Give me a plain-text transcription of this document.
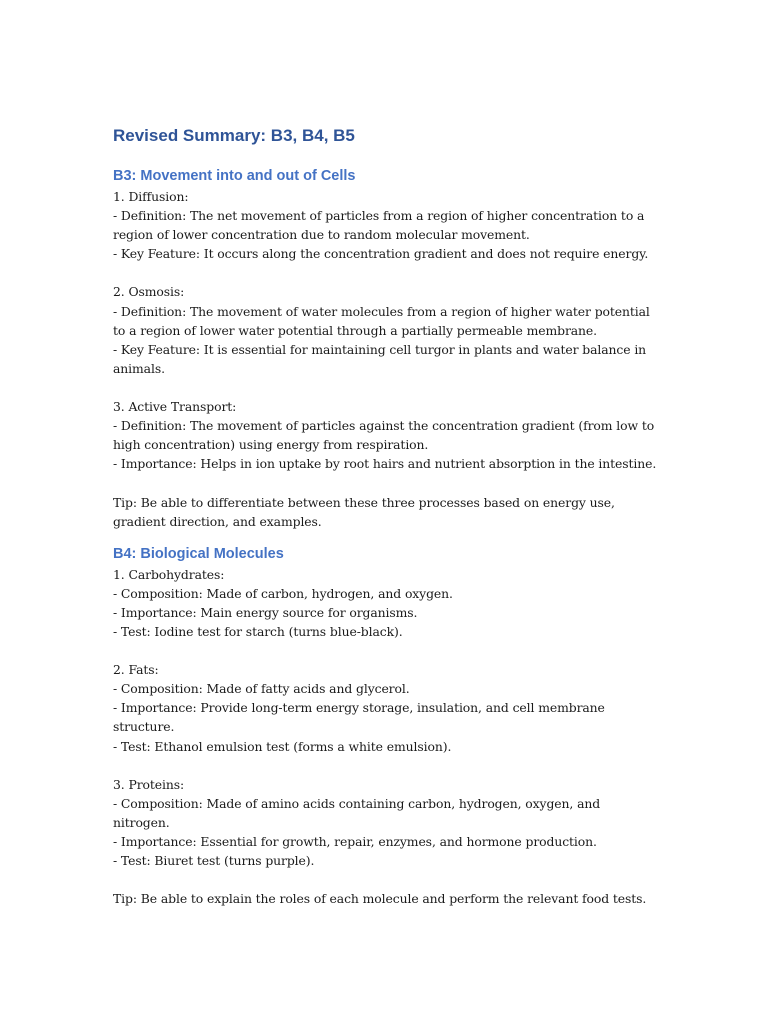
Revised Summary: B3, B4, B5
B3: Movement into and out of Cells

1. Diffusion:

- Definition: The net movement of particles from a region of higher concentration to a region of lower concentration due to random molecular movement.

- Key Feature: It occurs along the concentration gradient and does not require energy.

2. Osmosis:

- Definition: The movement of water molecules from a region of higher water potential to a region of lower water potential through a partially permeable membrane.

- Key Feature: It is essential for maintaining cell turgor in plants and water balance in animals.

3. Active Transport:

- Definition: The movement of particles against the concentration gradient (from low to high concentration) using energy from respiration.

- Importance: Helps in ion uptake by root hairs and nutrient absorption in the intestine.

Tip: Be able to differentiate between these three processes based on energy use, gradient direction, and examples.

B4: Biological Molecules

1. Carbohydrates:

- Composition: Made of carbon, hydrogen, and oxygen.

- Importance: Main energy source for organisms.

- Test: Iodine test for starch (turns blue-black).

2. Fats:

- Composition: Made of fatty acids and glycerol.

- Importance: Provide long-term energy storage, insulation, and cell membrane structure.

- Test: Ethanol emulsion test (forms a white emulsion).

3. Proteins:

- Composition: Made of amino acids containing carbon, hydrogen, oxygen, and nitrogen.

- Importance: Essential for growth, repair, enzymes, and hormone production.

- Test: Biuret test (turns purple).

Tip: Be able to explain the roles of each molecule and perform the relevant food tests.
